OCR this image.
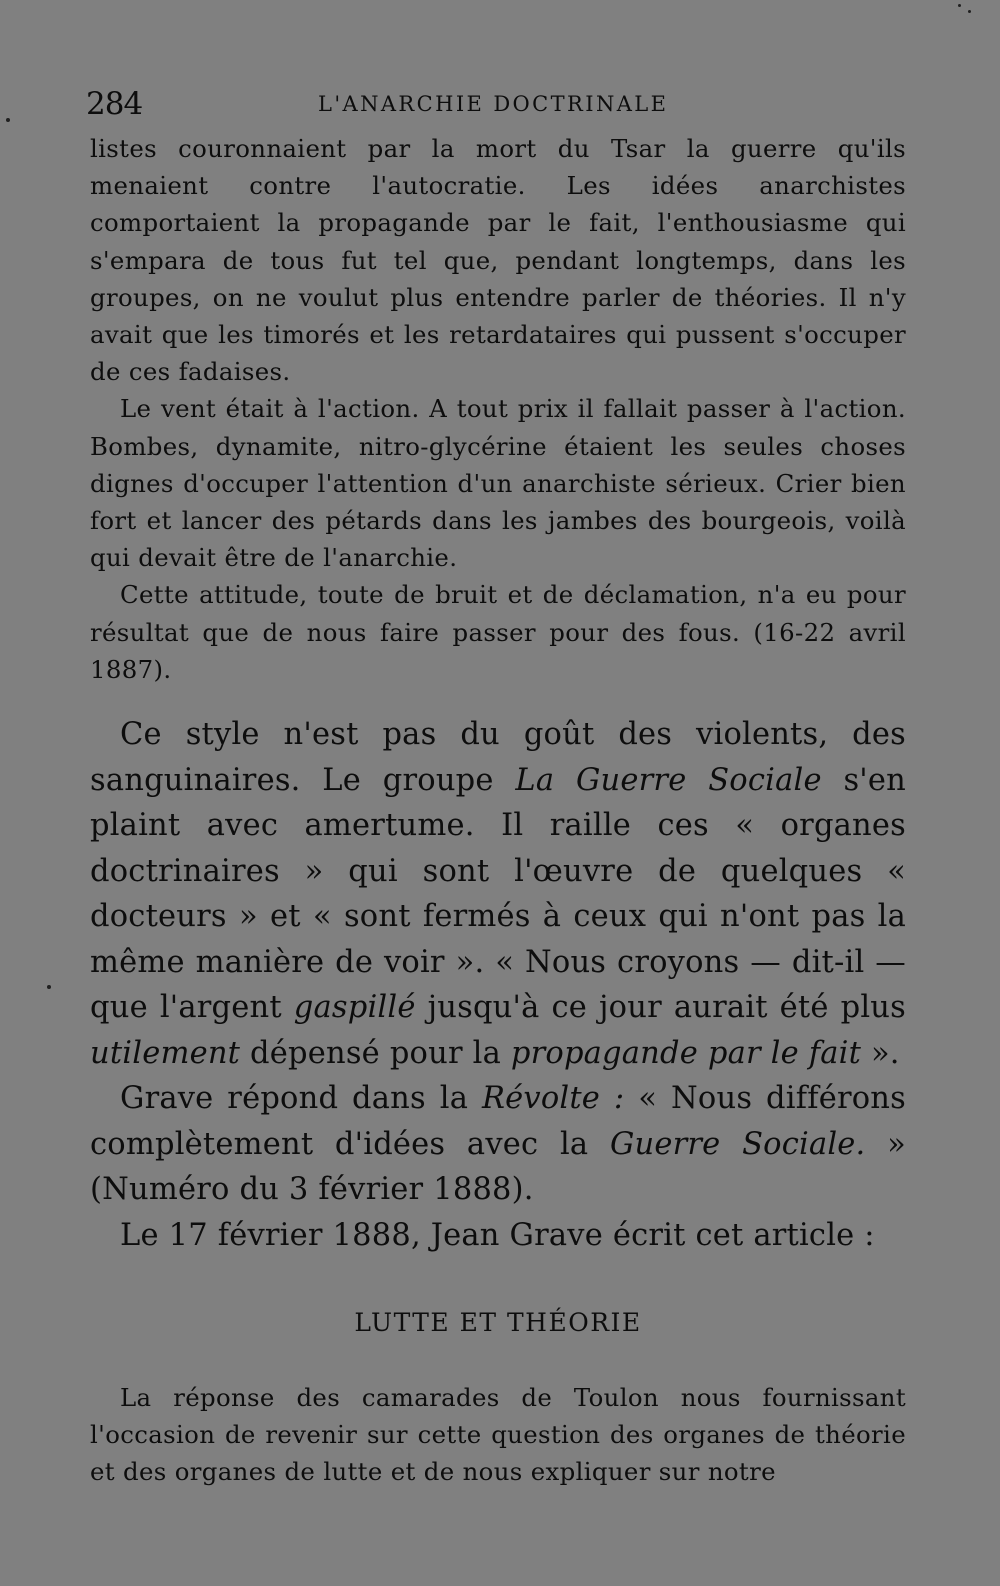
284	L'ANARCHIE DOCTRINALE

listes couronnaient par la mort du Tsar la guerre qu'ils menaient contre l'autocratie. Les idées anarchistes comportaient la propagande par le fait, l'enthousiasme qui s'empara de tous fut tel que, pendant longtemps, dans les groupes, on ne voulut plus entendre parler de théories. Il n'y avait que les timorés et les retardataires qui pussent s'occuper de ces fadaises.

Le vent était à l'action. A tout prix il fallait passer à l'action. Bombes, dynamite, nitro-glycérine étaient les seules choses dignes d'occuper l'attention d'un anarchiste sérieux. Crier bien fort et lancer des pétards dans les jambes des bourgeois, voilà qui devait être de l'anarchie.

Cette attitude, toute de bruit et de déclamation, n'a eu pour résultat que de nous faire passer pour des fous. (16-22 avril 1887).

Ce style n'est pas du goût des violents, des sanguinaires. Le groupe La Guerre Sociale s'en plaint avec amertume. Il raille ces « organes doctrinaires » qui sont l'œuvre de quelques « docteurs » et « sont fermés à ceux qui n'ont pas la même manière de voir ». « Nous croyons — dit-il — que l'argent gaspillé jusqu'à ce jour aurait été plus utilement dépensé pour la propagande par le fait ».

Grave répond dans la Révolte : « Nous différons complètement d'idées avec la Guerre Sociale. » (Numéro du 3 février 1888).

Le 17 février 1888, Jean Grave écrit cet article :

LUTTE ET THÉORIE

La réponse des camarades de Toulon nous fournissant l'occasion de revenir sur cette question des organes de théorie et des organes de lutte et de nous expliquer sur notre
